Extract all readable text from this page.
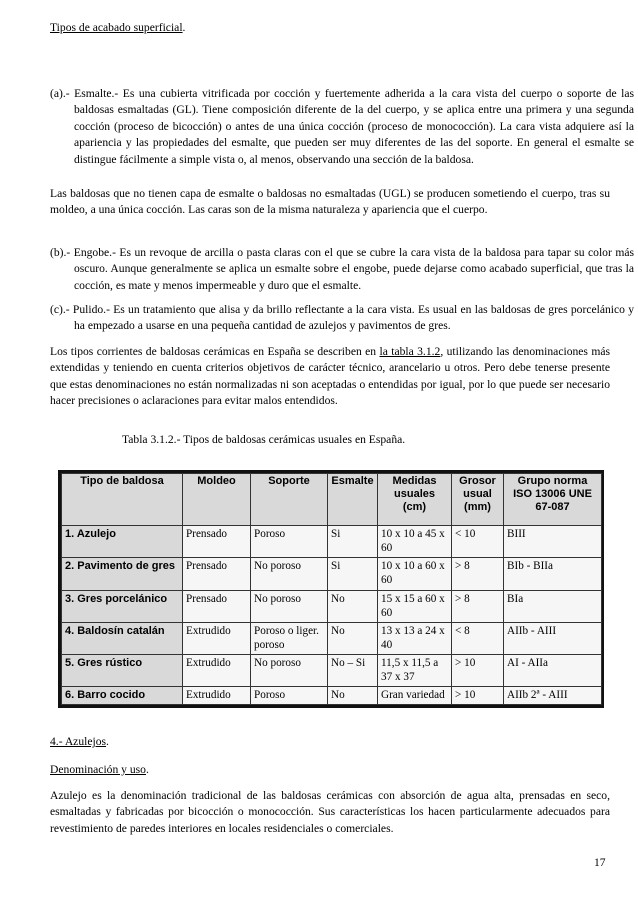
Tipos de acabado superficial.

(a).- Esmalte.- Es una cubierta vitrificada por cocción y fuertemente adherida a la cara vista del cuerpo o soporte de las baldosas esmaltadas (GL). Tiene composición diferente de la del cuerpo, y se aplica entre una primera y una segunda cocción (proceso de bicocción) o antes de una única cocción (proceso de monococción). La cara vista adquiere así la apariencia y las propiedades del esmalte, que pueden ser muy diferentes de las del soporte. En general el esmalte se distingue fácilmente a simple vista o, al menos, observando una sección de la baldosa.

Las baldosas que no tienen capa de esmalte o baldosas no esmaltadas (UGL) se producen sometiendo el cuerpo, tras su moldeo, a una única cocción. Las caras son de la misma naturaleza y apariencia que el cuerpo.

(b).- Engobe.- Es un revoque de arcilla o pasta claras con el que se cubre la cara vista de la baldosa para tapar su color más oscuro. Aunque generalmente se aplica un esmalte sobre el engobe, puede dejarse como acabado superficial, que tras la cocción, es mate y menos impermeable y duro que el esmalte.

(c).- Pulido.- Es un tratamiento que alisa y da brillo reflectante a la cara vista. Es usual en las baldosas de gres porcelánico y ha empezado a usarse en una pequeña cantidad de azulejos y pavimentos de gres.

Los tipos corrientes de baldosas cerámicas en España se describen en la tabla 3.1.2, utilizando las denominaciones más extendidas y teniendo en cuenta criterios objetivos de carácter técnico, arancelario u otros. Pero debe tenerse presente que estas denominaciones no están normalizadas ni son aceptadas o entendidas por igual, por lo que puede ser necesario hacer precisiones o aclaraciones para evitar malos entendidos.

Tabla 3.1.2.- Tipos de baldosas cerámicas usuales en España.
Tipo de baldosa	Moldeo	Soporte	Esmalte	Medidas usuales (cm)	Grosor usual (mm)	Grupo norma ISO 13006 UNE 67-087
1. Azulejo	Prensado	Poroso	Si	10 x 10 a 45 x 60	< 10	BIII
2. Pavimento de gres	Prensado	No poroso	Si	10 x 10 a 60 x 60	> 8	BIb - BIIa
3. Gres porcelánico	Prensado	No poroso	No	15 x 15 a 60 x 60	> 8	BIa
4. Baldosín catalán	Extrudido	Poroso o liger. poroso	No	13 x 13 a 24 x 40	< 8	AIIb - AIII
5. Gres rústico	Extrudido	No poroso	No – Si	11,5 x 11,5 a 37 x 37	> 10	AI - AIIa
6. Barro cocido	Extrudido	Poroso	No	Gran variedad	> 10	AIIb 2ª - AIII

4.- Azulejos.

Denominación y uso.

Azulejo es la denominación tradicional de las baldosas cerámicas con absorción de agua alta, prensadas en seco, esmaltadas y fabricadas por bicocción o monococción. Sus características los hacen particularmente adecuados para revestimiento de paredes interiores en locales residenciales o comerciales.

17
